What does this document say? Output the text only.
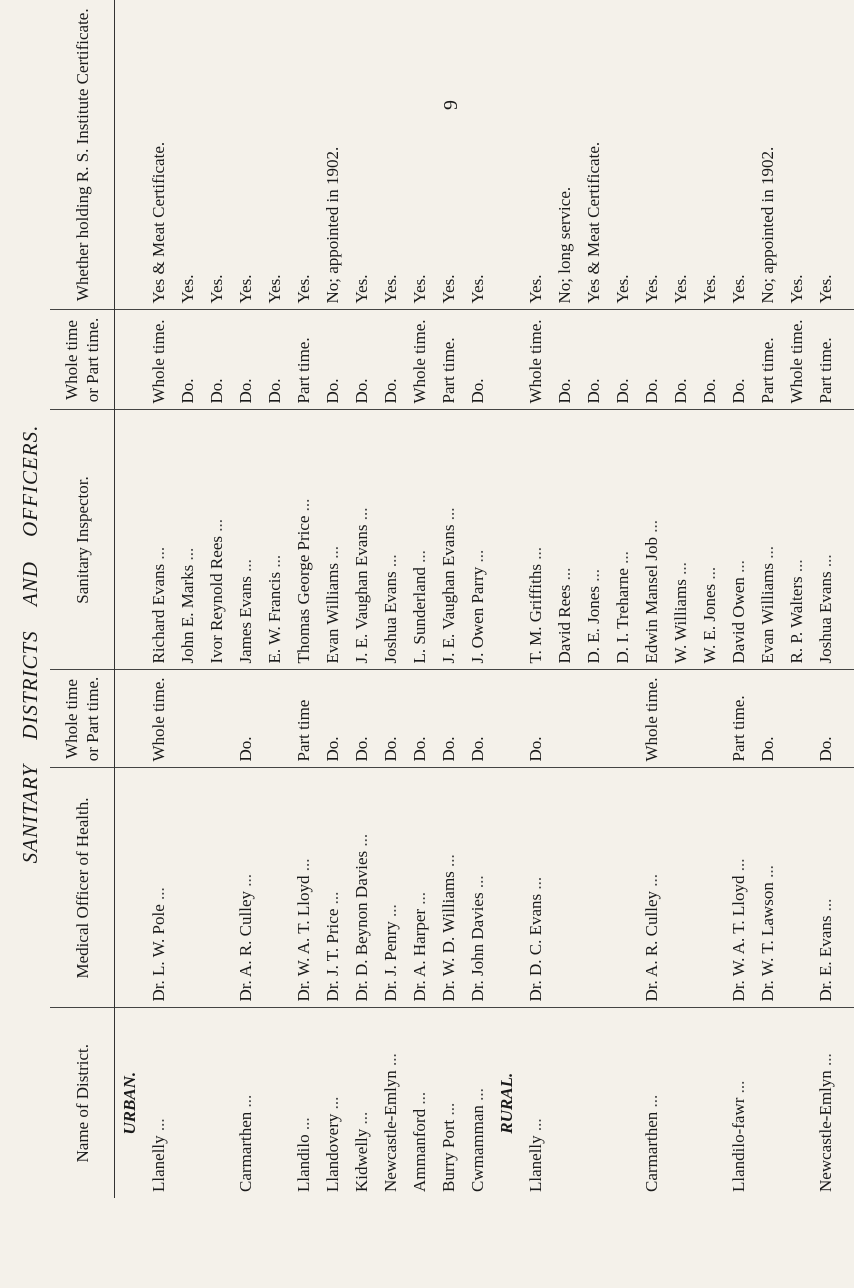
SANITARY DISTRICTS AND OFFICERS.
9
Name of District.	Medical Officer of Health.	Whole time or Part time.	Sanitary Inspector.	Whole time or Part time.	Whether holding R. S. Institute Certificate.
URBAN.					
Llanelly ...	Dr. L. W. Pole ...	Whole time.	Richard Evans ...	Whole time.	Yes & Meat Certificate.
			John E. Marks ...	Do.	Yes.
			Ivor Reynold Rees ...	Do.	Yes.
Carmarthen ...	Dr. A. R. Culley ...	Do.	James Evans ...	Do.	Yes.
			E. W. Francis ...	Do.	Yes.
Llandilo ...	Dr. W. A. T. Lloyd ...	Part time	Thomas George Price ...	Part time.	Yes.
Llandovery ...	Dr. J. T. Price ...	Do.	Evan Williams ...	Do.	No; appointed in 1902.
Kidwelly ...	Dr. D. Beynon Davies ...	Do.	J. E. Vaughan Evans ...	Do.	Yes.
Newcastle-Emlyn ...	Dr. J. Penry ...	Do.	Joshua Evans ...	Do.	Yes.
Ammanford ...	Dr. A. Harper ...	Do.	L. Sunderland ...	Whole time.	Yes.
Burry Port ...	Dr. W. D. Williams ...	Do.	J. E. Vaughan Evans ...	Part time.	Yes.
Cwmamman ...	Dr. John Davies ...	Do.	J. Owen Parry ...	Do.	Yes.
RURAL.					
Llanelly ...	Dr. D. C. Evans ...	Do.	T. M. Griffiths ...	Whole time.	Yes.
			David Rees ...	Do.	No; long service.
			D. E. Jones ...	Do.	Yes & Meat Certificate.
			D. I. Treharne ...	Do.	Yes.
Carmarthen ...	Dr. A. R. Culley ...	Whole time.	Edwin Mansel Job ...	Do.	Yes.
			W. Williams ...	Do.	Yes.
			W. E. Jones ...	Do.	Yes.
Llandilo-fawr ...	Dr. W. A. T. Lloyd ...	Part time.	David Owen ...	Do.	Yes.
	Dr. W. T. Lawson ...	Do.	Evan Williams ...	Part time.	No; appointed in 1902.
			R. P. Walters ...	Whole time.	Yes.
Newcastle-Emlyn ...	Dr. E. Evans ...	Do.	Joshua Evans ...	Part time.	Yes.
